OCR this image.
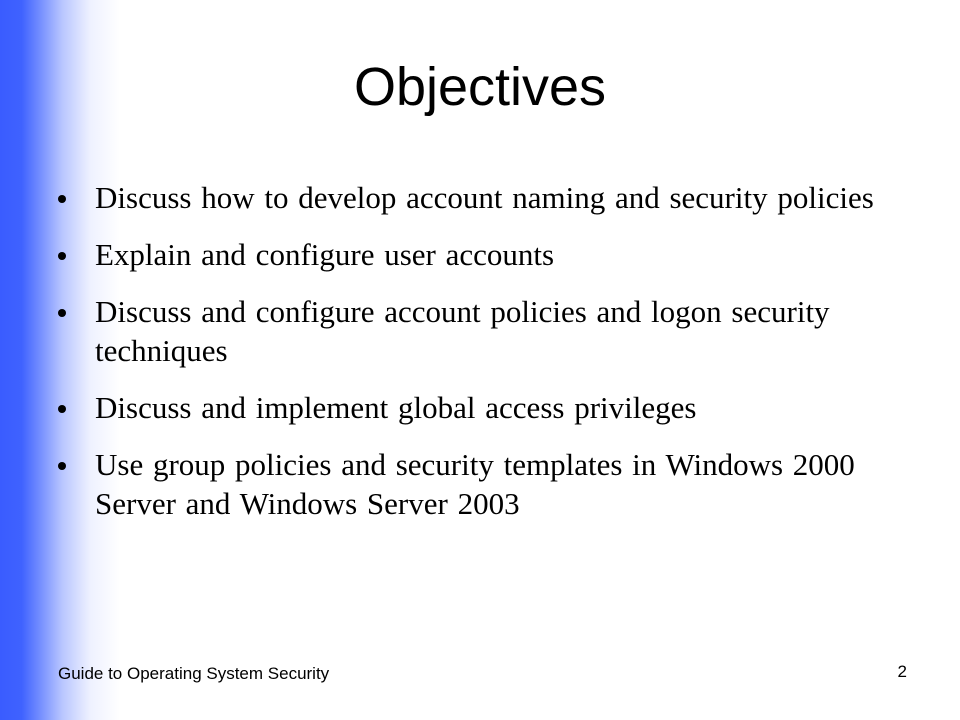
Objectives
Discuss how to develop account naming and security policies
Explain and configure user accounts
Discuss and configure account policies and logon security techniques
Discuss and implement global access privileges
Use group policies and security templates in Windows 2000 Server and Windows Server 2003
Guide to Operating System Security	2
